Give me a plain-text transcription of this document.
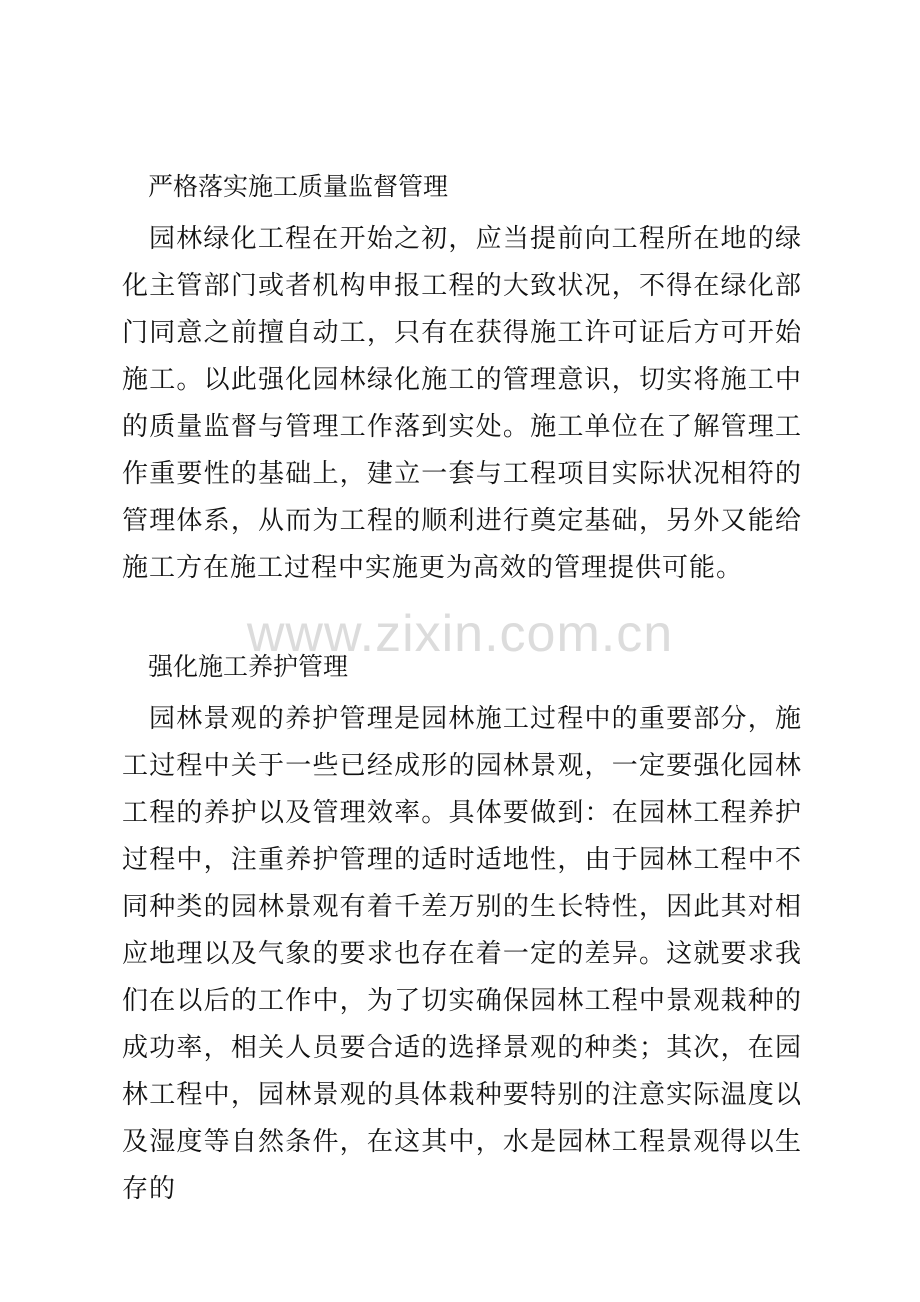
严格落实施工质量监督管理

园林绿化工程在开始之初，应当提前向工程所在地的绿化主管部门或者机构申报工程的大致状况，不得在绿化部门同意之前擅自动工，只有在获得施工许可证后方可开始施工。以此强化园林绿化施工的管理意识，切实将施工中的质量监督与管理工作落到实处。施工单位在了解管理工作重要性的基础上，建立一套与工程项目实际状况相符的管理体系，从而为工程的顺利进行奠定基础，另外又能给施工方在施工过程中实施更为高效的管理提供可能。

www.zixin.com.cn
强化施工养护管理

园林景观的养护管理是园林施工过程中的重要部分，施工过程中关于一些已经成形的园林景观，一定要强化园林工程的养护以及管理效率。具体要做到：在园林工程养护过程中，注重养护管理的适时适地性，由于园林工程中不同种类的园林景观有着千差万别的生长特性，因此其对相应地理以及气象的要求也存在着一定的差异。这就要求我们在以后的工作中，为了切实确保园林工程中景观栽种的成功率，相关人员要合适的选择景观的种类；其次，在园林工程中，园林景观的具体栽种要特别的注意实际温度以及湿度等自然条件，在这其中，水是园林工程景观得以生存的
